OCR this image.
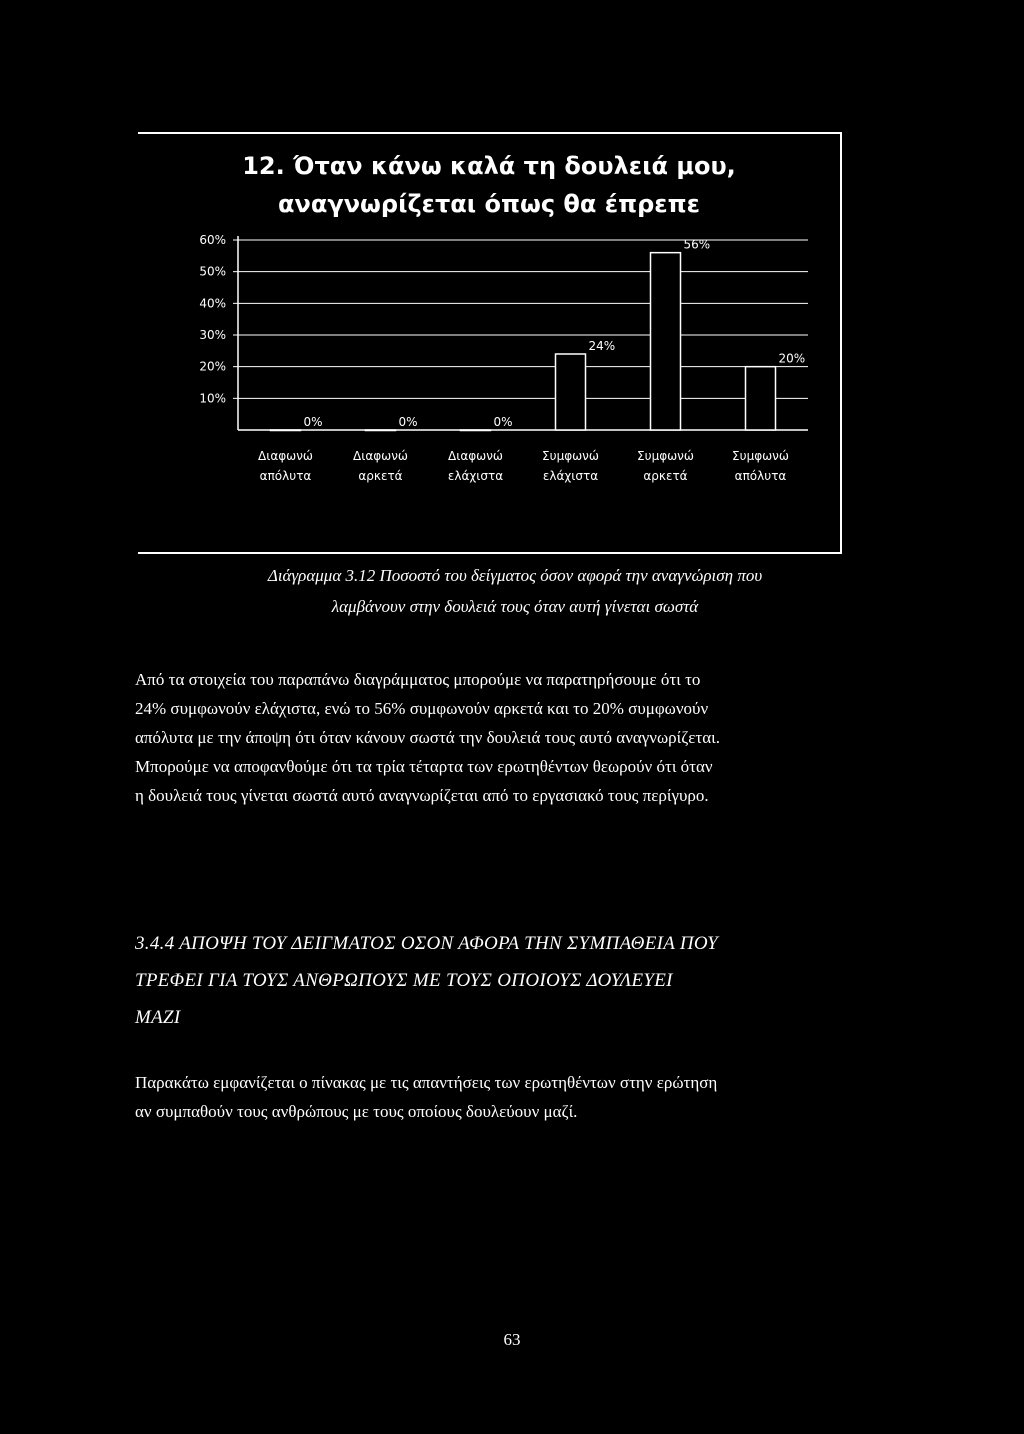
12. Όταν κάνω καλά τη δουλειά μου,
αναγνωρίζεται όπως θα έπρεπε
60%
50%
40%
30%
20%
10%
0%
Διαφωνώ
απόλυτα
0%
Διαφωνώ
αρκετά
0%
Διαφωνώ
ελάχιστα
24%
Συμφωνώ
ελάχιστα
56%
Συμφωνώ
αρκετά
20%
Συμφωνώ
απόλυτα
Διάγραμμα 3.12 Ποσοστό του δείγματος όσον αφορά την αναγνώριση που
λαμβάνουν στην δουλειά τους όταν αυτή γίνεται σωστά
Από τα στοιχεία του παραπάνω διαγράμματος μπορούμε να παρατηρήσουμε ότι το
24% συμφωνούν ελάχιστα, ενώ το 56% συμφωνούν αρκετά και το 20% συμφωνούν
απόλυτα με την άποψη ότι όταν κάνουν σωστά την δουλειά τους αυτό αναγνωρίζεται.
Μπορούμε να αποφανθούμε ότι τα τρία τέταρτα των ερωτηθέντων θεωρούν ότι όταν
η δουλειά τους γίνεται σωστά αυτό αναγνωρίζεται από το εργασιακό τους περίγυρο.
3.4.4 ΑΠΟΨΗ ΤΟΥ ΔΕΙΓΜΑΤΟΣ ΟΣΟΝ ΑΦΟΡΑ ΤΗΝ ΣΥΜΠΑΘΕΙΑ ΠΟΥ
ΤΡΕΦΕΙ ΓΙΑ ΤΟΥΣ ΑΝΘΡΩΠΟΥΣ ΜΕ ΤΟΥΣ ΟΠΟΙΟΥΣ ΔΟΥΛΕΥΕΙ
ΜΑΖΙ
Παρακάτω εμφανίζεται ο πίνακας με τις απαντήσεις των ερωτηθέντων στην ερώτηση
αν συμπαθούν τους ανθρώπους με τους οποίους δουλεύουν μαζί.
63
